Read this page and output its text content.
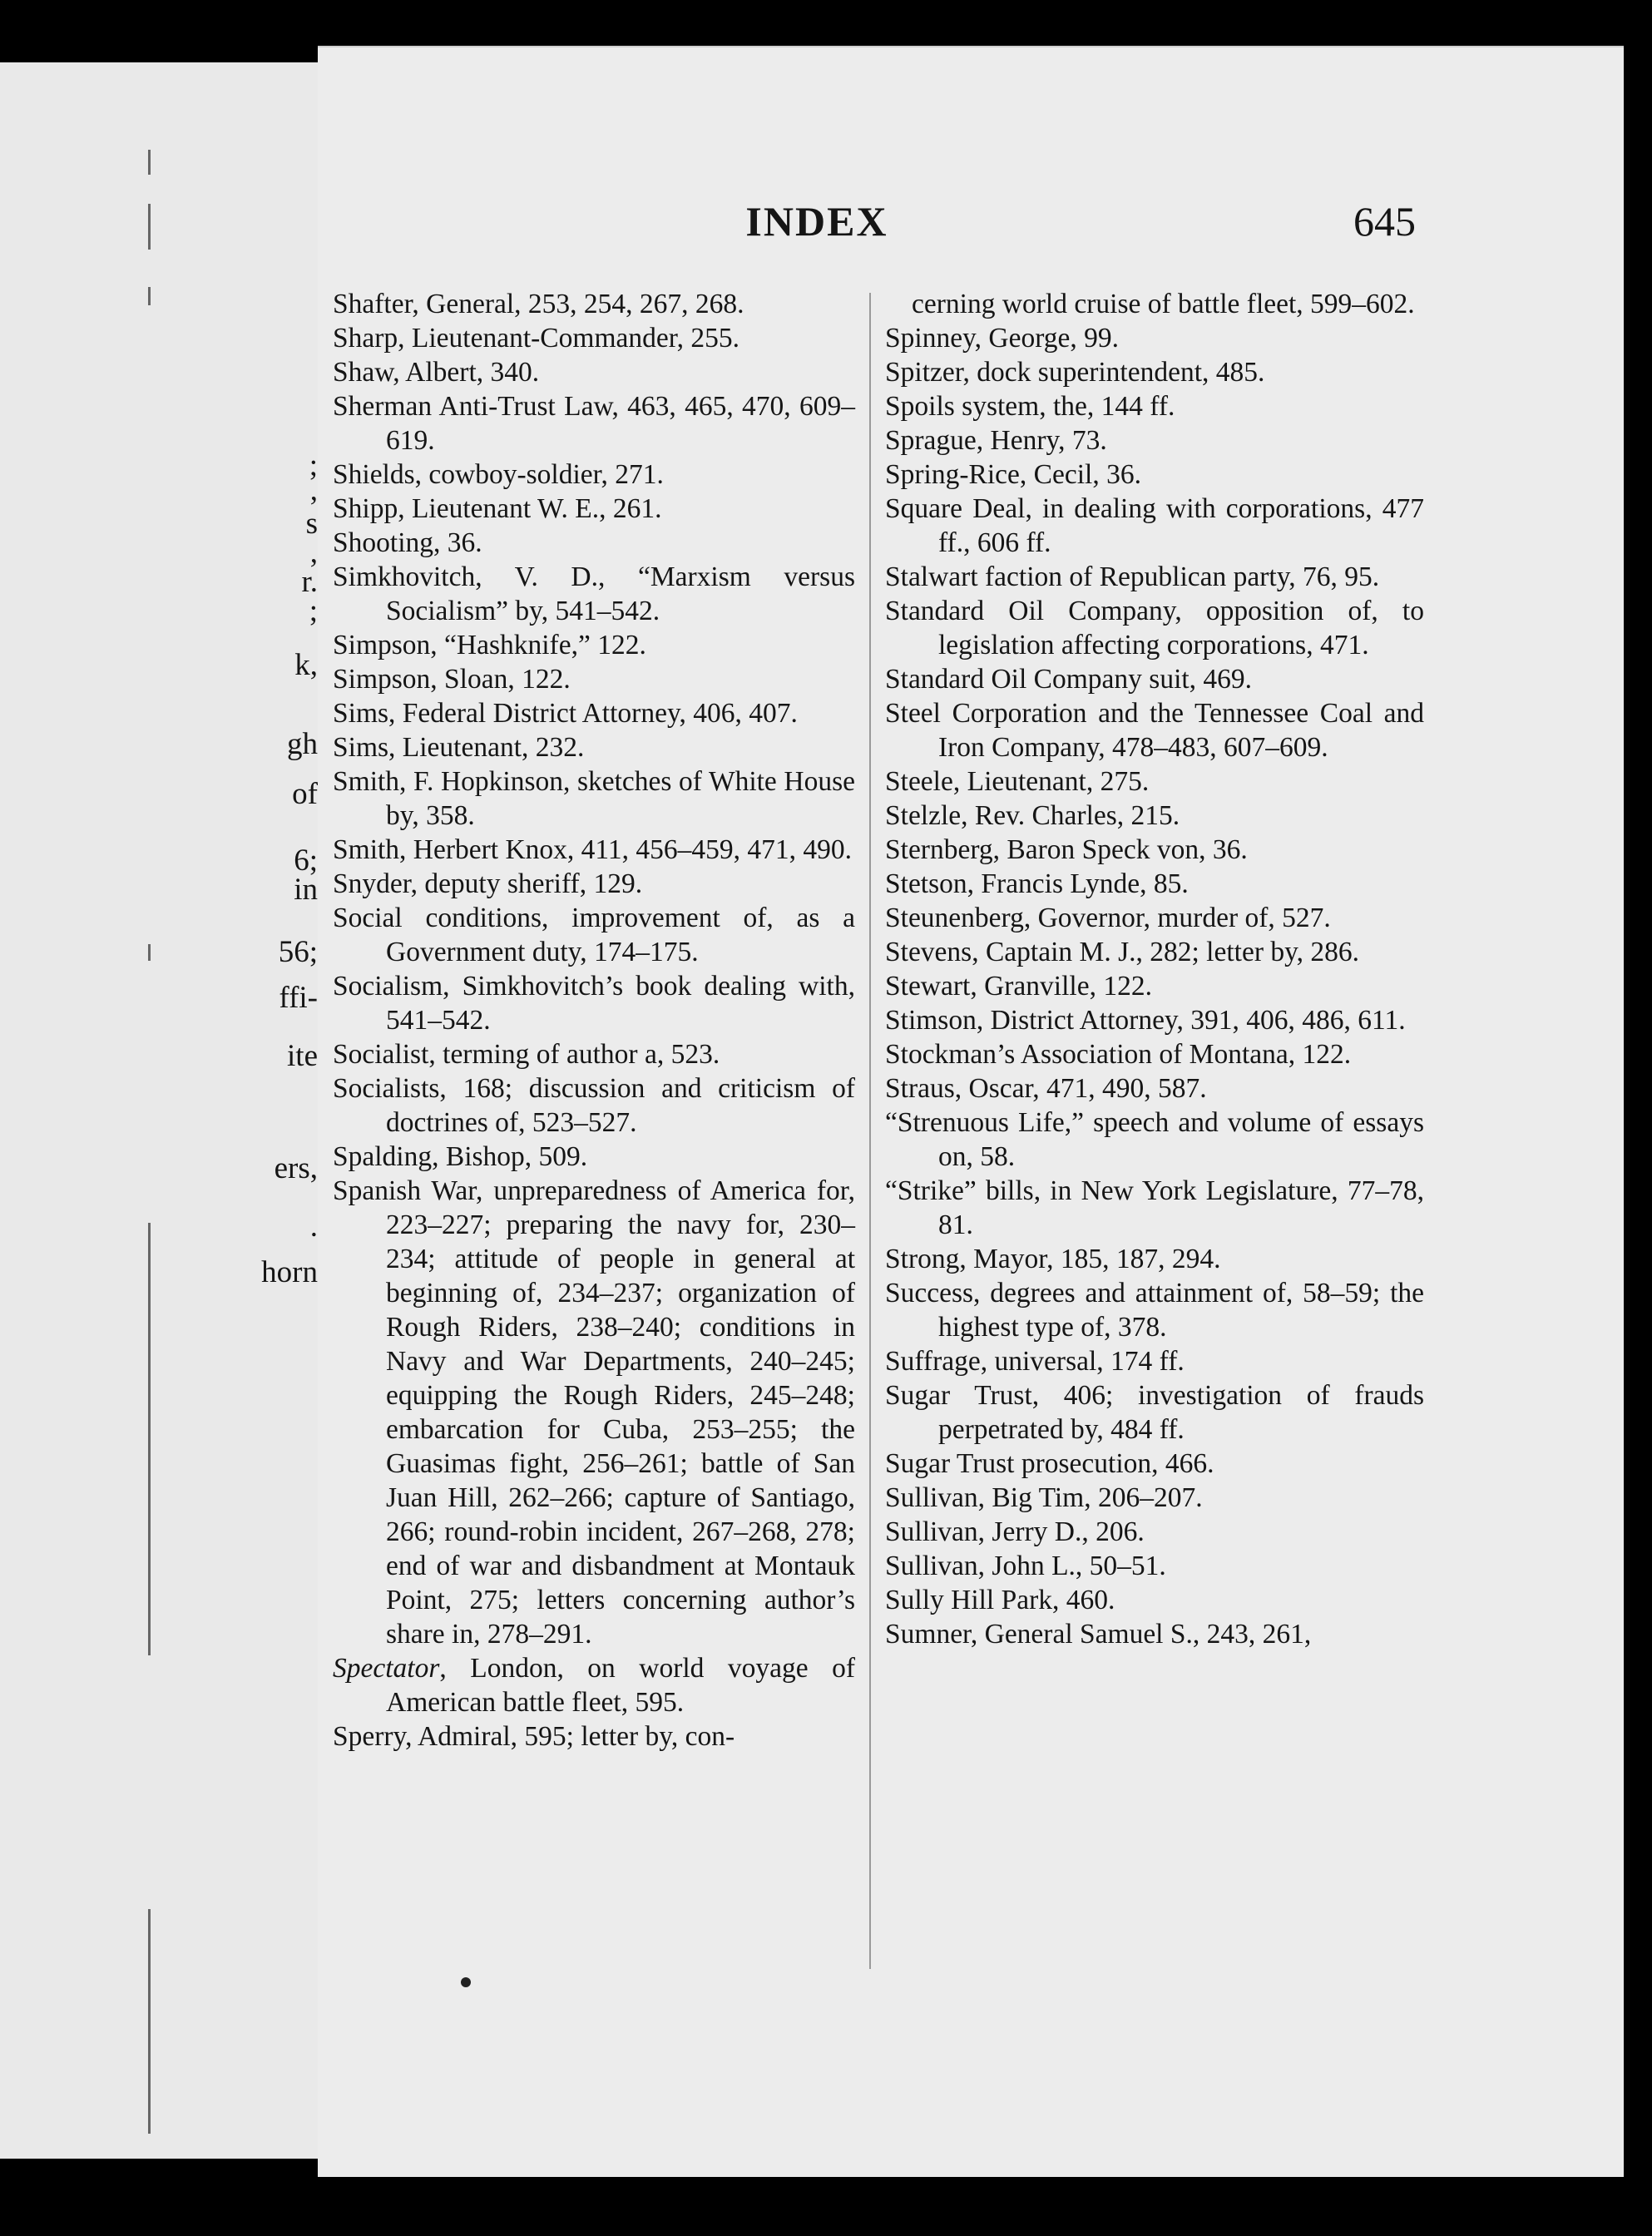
;
,
s
,
r.
;
k,
gh
of
6;
in
56;
ffi-
ite
ers,
.
horn
INDEX	645
Shafter, General, 253, 254, 267, 268.
Sharp, Lieutenant-Commander, 255.
Shaw, Albert, 340.
Sherman Anti-Trust Law, 463, 465, 470, 609–619.
Shields, cowboy-soldier, 271.
Shipp, Lieutenant W. E., 261.
Shooting, 36.
Simkhovitch, V. D., “Marxism versus Socialism” by, 541–542.
Simpson, “Hashknife,” 122.
Simpson, Sloan, 122.
Sims, Federal District Attorney, 406, 407.
Sims, Lieutenant, 232.
Smith, F. Hopkinson, sketches of White House by, 358.
Smith, Herbert Knox, 411, 456–459, 471, 490.
Snyder, deputy sheriff, 129.
Social conditions, improvement of, as a Government duty, 174–175.
Socialism, Simkhovitch’s book dealing with, 541–542.
Socialist, terming of author a, 523.
Socialists, 168; discussion and criticism of doctrines of, 523–527.
Spalding, Bishop, 509.
Spanish War, unpreparedness of America for, 223–227; preparing the navy for, 230–234; attitude of people in general at beginning of, 234–237; organization of Rough Riders, 238–240; conditions in Navy and War Departments, 240–245; equipping the Rough Riders, 245–248; embarcation for Cuba, 253–255; the Guasimas fight, 256–261; battle of San Juan Hill, 262–266; capture of Santiago, 266; round-robin incident, 267–268, 278; end of war and disbandment at Montauk Point, 275; letters concerning author’s share in, 278–291.
Spectator, London, on world voyage of American battle fleet, 595.
Sperry, Admiral, 595; letter by, con-
cerning world cruise of battle fleet, 599–602.
Spinney, George, 99.
Spitzer, dock superintendent, 485.
Spoils system, the, 144 ff.
Sprague, Henry, 73.
Spring-Rice, Cecil, 36.
Square Deal, in dealing with corporations, 477 ff., 606 ff.
Stalwart faction of Republican party, 76, 95.
Standard Oil Company, opposition of, to legislation affecting corporations, 471.
Standard Oil Company suit, 469.
Steel Corporation and the Tennessee Coal and Iron Company, 478–483, 607–609.
Steele, Lieutenant, 275.
Stelzle, Rev. Charles, 215.
Sternberg, Baron Speck von, 36.
Stetson, Francis Lynde, 85.
Steunenberg, Governor, murder of, 527.
Stevens, Captain M. J., 282; letter by, 286.
Stewart, Granville, 122.
Stimson, District Attorney, 391, 406, 486, 611.
Stockman’s Association of Montana, 122.
Straus, Oscar, 471, 490, 587.
“Strenuous Life,” speech and volume of essays on, 58.
“Strike” bills, in New York Legislature, 77–78, 81.
Strong, Mayor, 185, 187, 294.
Success, degrees and attainment of, 58–59; the highest type of, 378.
Suffrage, universal, 174 ff.
Sugar Trust, 406; investigation of frauds perpetrated by, 484 ff.
Sugar Trust prosecution, 466.
Sullivan, Big Tim, 206–207.
Sullivan, Jerry D., 206.
Sullivan, John L., 50–51.
Sully Hill Park, 460.
Sumner, General Samuel S., 243, 261,
